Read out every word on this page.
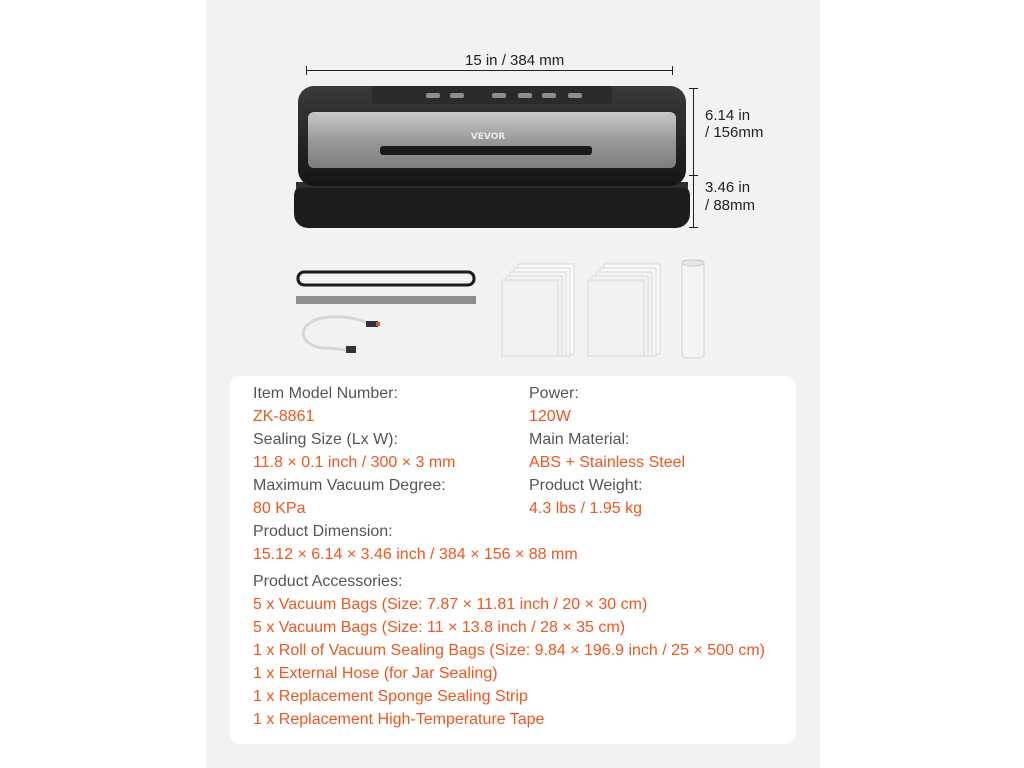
15 in / 384 mm
6.14 in
/ 156mm
3.46 in
/ 88mm
VEVOR
Item Model Number:
ZK-8861
Sealing Size (Lx W):
11.8 × 0.1 inch / 300 × 3 mm
Maximum Vacuum Degree:
80 KPa
Power:
120W
Main Material:
ABS + Stainless Steel
Product Weight:
4.3 lbs / 1.95 kg
Product Dimension:
15.12 × 6.14 × 3.46 inch / 384 × 156 × 88 mm
Product Accessories:
5 x Vacuum Bags (Size: 7.87 × 11.81 inch / 20 × 30 cm)
5 x Vacuum Bags (Size: 11 × 13.8 inch / 28 × 35 cm)
1 x Roll of Vacuum Sealing Bags (Size: 9.84 × 196.9 inch / 25 × 500 cm)
1 x External Hose (for Jar Sealing)
1 x Replacement Sponge Sealing Strip
1 x Replacement High-Temperature Tape
